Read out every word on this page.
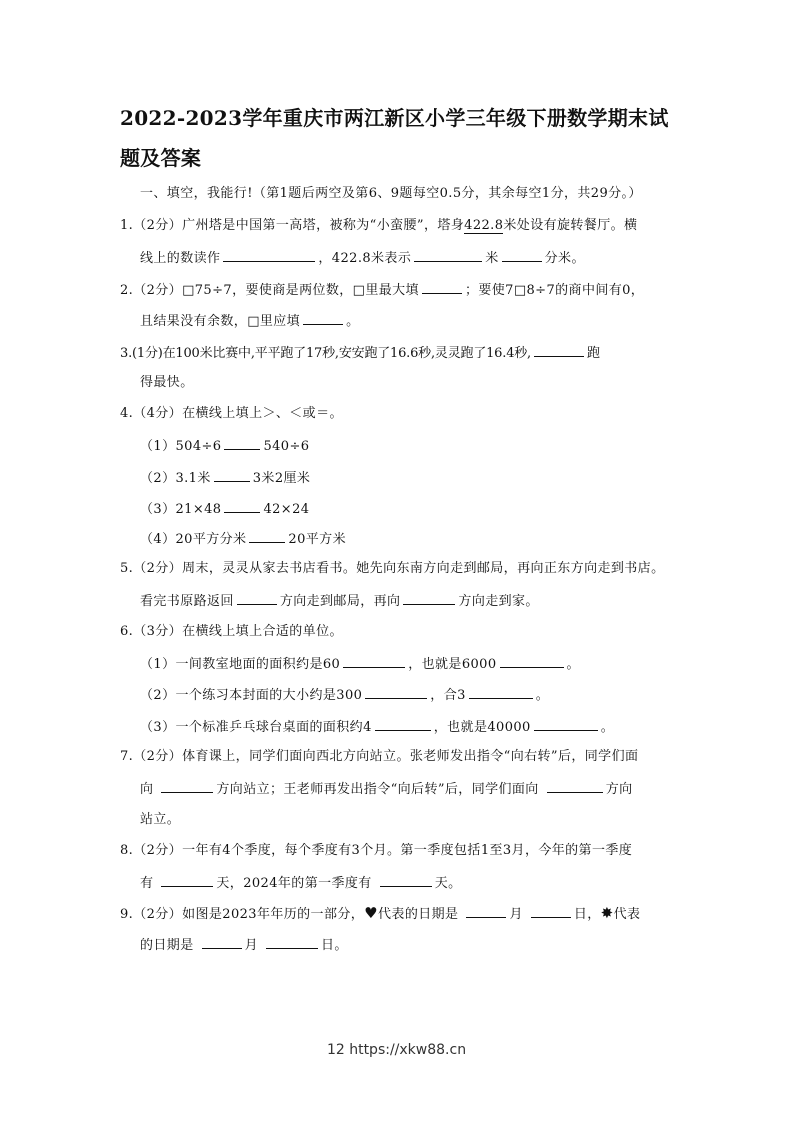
2022-2023学年重庆市两江新区小学三年级下册数学期末试题及答案
一、填空，我能行!（第1题后两空及第6、9题每空0.5分，其余每空1分，共29分。）
1.（2分）广州塔是中国第一高塔，被称为“小蛮腰”，塔身422.8米处设有旋转餐厅。横
线上的数读作	，422.8米表示	米	分米。
2.（2分）□75÷7，要使商是两位数，□里最大填	；要使7□8÷7的商中间有0，
且结果没有余数，□里应填	。
3.(1分)在100米比赛中,平平跑了17秒,安安跑了16.6秒,灵灵跑了16.4秒,	跑
得最快。
4.（4分）在横线上填上＞、＜或＝。
（1）504÷6	540÷6
（2）3.1米	3米2厘米
（3）21×48	42×24
（4）20平方分米	20平方米
5.（2分）周末，灵灵从家去书店看书。她先向东南方向走到邮局，再向正东方向走到书店。
看完书原路返回	方向走到邮局，再向	方向走到家。
6.（3分）在横线上填上合适的单位。
（1）一间教室地面的面积约是60	，也就是6000	。
（2）一个练习本封面的大小约是300	，合3	。
（3）一个标准乒乓球台桌面的面积约4	，也就是40000	。
7.（2分）体育课上，同学们面向西北方向站立。张老师发出指令“向右转”后，同学们面
向	方向站立；王老师再发出指令“向后转”后，同学们面向	方向
站立。
8.（2分）一年有4个季度，每个季度有3个月。第一季度包括1至3月，今年的第一季度
有	天，2024年的第一季度有	天。
9.（2分）如图是2023年年历的一部分，♥代表的日期是	月	日，✸代表
的日期是	月	日。
12 https://xkw88.cn
